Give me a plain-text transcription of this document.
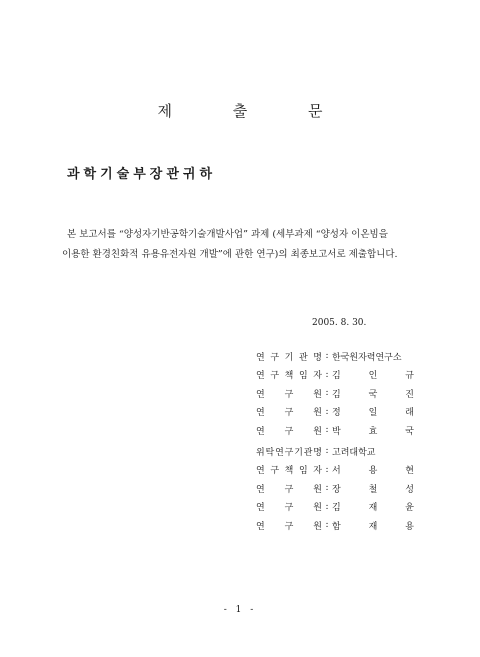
제 출 문
과학기술부장관귀하
본 보고서를 “양성자기반공학기술개발사업” 과제 (세부과제 “양성자 이온빔을
이용한 환경친화적 유용유전자원 개발”에 관한 연구)의 최종보고서로 제출합니다.
2005. 8. 30.
연 구 기 관 명 : 한국원자력연구소
연 구 책 임 자 : 김	인	규
연 구 원 : 김	국	진
연 구 원 : 정	일	래
연 구 원 : 박	효	국
위 탁 연 구 기 관 명 : 고려대학교
연 구 책 임 자 : 서	용	현
연 구 원 : 장	철	성
연 구 원 : 김	재	윤
연 구 원 : 함	재	용
- 1 -
